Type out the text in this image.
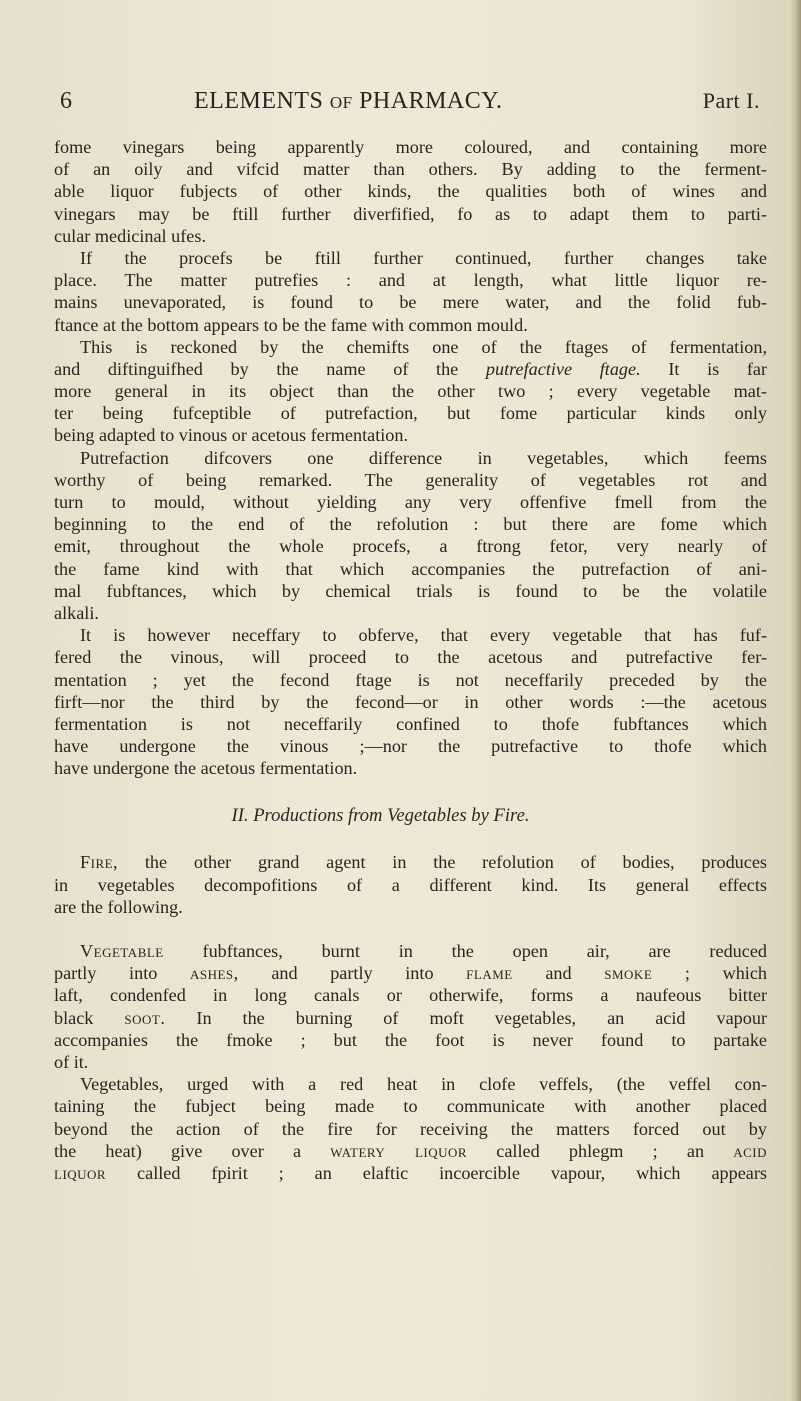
6	ELEMENTS OF PHARMACY.	Part I.
fome vinegars being apparently more coloured, and containing more
of an oily and vifcid matter than others. By adding to the ferment-
able liquor fubjects of other kinds, the qualities both of wines and
vinegars may be ftill further diverfified, fo as to adapt them to parti-
cular medicinal ufes.
If the procefs be ftill further continued, further changes take
place. The matter putrefies : and at length, what little liquor re-
mains unevaporated, is found to be mere water, and the folid fub-
ftance at the bottom appears to be the fame with common mould.
This is reckoned by the chemifts one of the ftages of fermentation,
and diftinguifhed by the name of the putrefactive ftage. It is far
more general in its object than the other two ; every vegetable mat-
ter being fufceptible of putrefaction, but fome particular kinds only
being adapted to vinous or acetous fermentation.
Putrefaction difcovers one difference in vegetables, which feems
worthy of being remarked. The generality of vegetables rot and
turn to mould, without yielding any very offenfive fmell from the
beginning to the end of the refolution : but there are fome which
emit, throughout the whole procefs, a ftrong fetor, very nearly of
the fame kind with that which accompanies the putrefaction of ani-
mal fubftances, which by chemical trials is found to be the volatile
alkali.
It is however neceffary to obferve, that every vegetable that has fuf-
fered the vinous, will proceed to the acetous and putrefactive fer-
mentation ; yet the fecond ftage is not neceffarily preceded by the
firft—nor the third by the fecond—or in other words :—the acetous
fermentation is not neceffarily confined to thofe fubftances which
have undergone the vinous ;—nor the putrefactive to thofe which
have undergone the acetous fermentation.
II. Productions from Vegetables by Fire.
Fire, the other grand agent in the refolution of bodies, produces
in vegetables decompofitions of a different kind. Its general effects
are the following.
Vegetable fubftances, burnt in the open air, are reduced
partly into ashes, and partly into flame and smoke ; which
laft, condenfed in long canals or otherwife, forms a naufeous bitter
black soot. In the burning of moft vegetables, an acid vapour
accompanies the fmoke ; but the foot is never found to partake
of it.
Vegetables, urged with a red heat in clofe veffels, (the veffel con-
taining the fubject being made to communicate with another placed
beyond the action of the fire for receiving the matters forced out by
the heat) give over a watery liquor called phlegm ; an acid
liquor called fpirit ; an elaftic incoercible vapour, which appears
